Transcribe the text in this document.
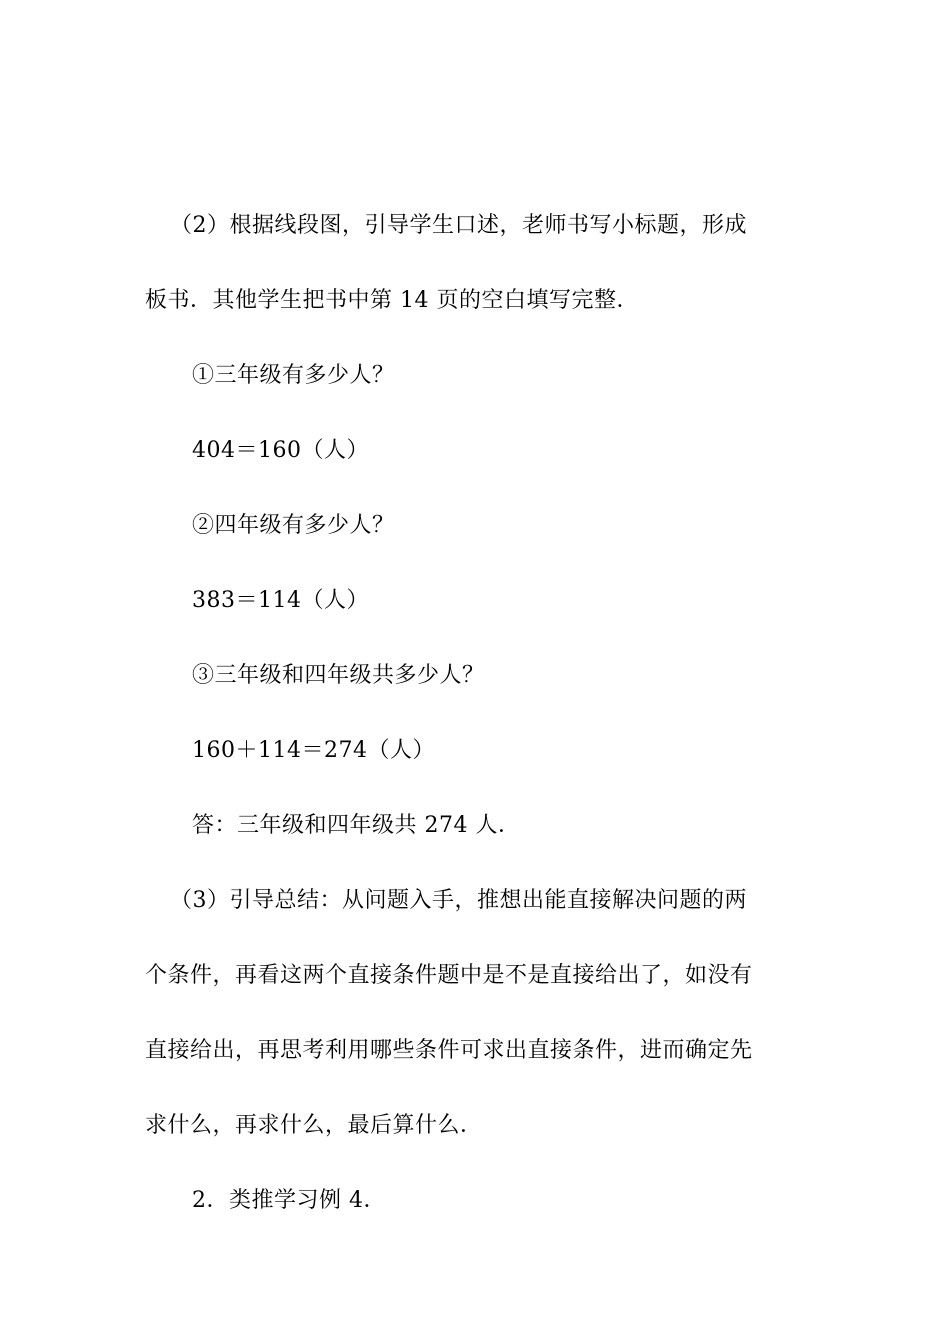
（2）根据线段图，引导学生口述，老师书写小标题，形成
板书．其他学生把书中第 14 页的空白填写完整．
①三年级有多少人？
404＝160（人）
②四年级有多少人？
383＝114（人）
③三年级和四年级共多少人？
160＋114＝274（人）
答：三年级和四年级共 274 人．
（3）引导总结：从问题入手，推想出能直接解决问题的两
个条件，再看这两个直接条件题中是不是直接给出了，如没有
直接给出，再思考利用哪些条件可求出直接条件，进而确定先
求什么，再求什么，最后算什么．
2．类推学习例 4．
